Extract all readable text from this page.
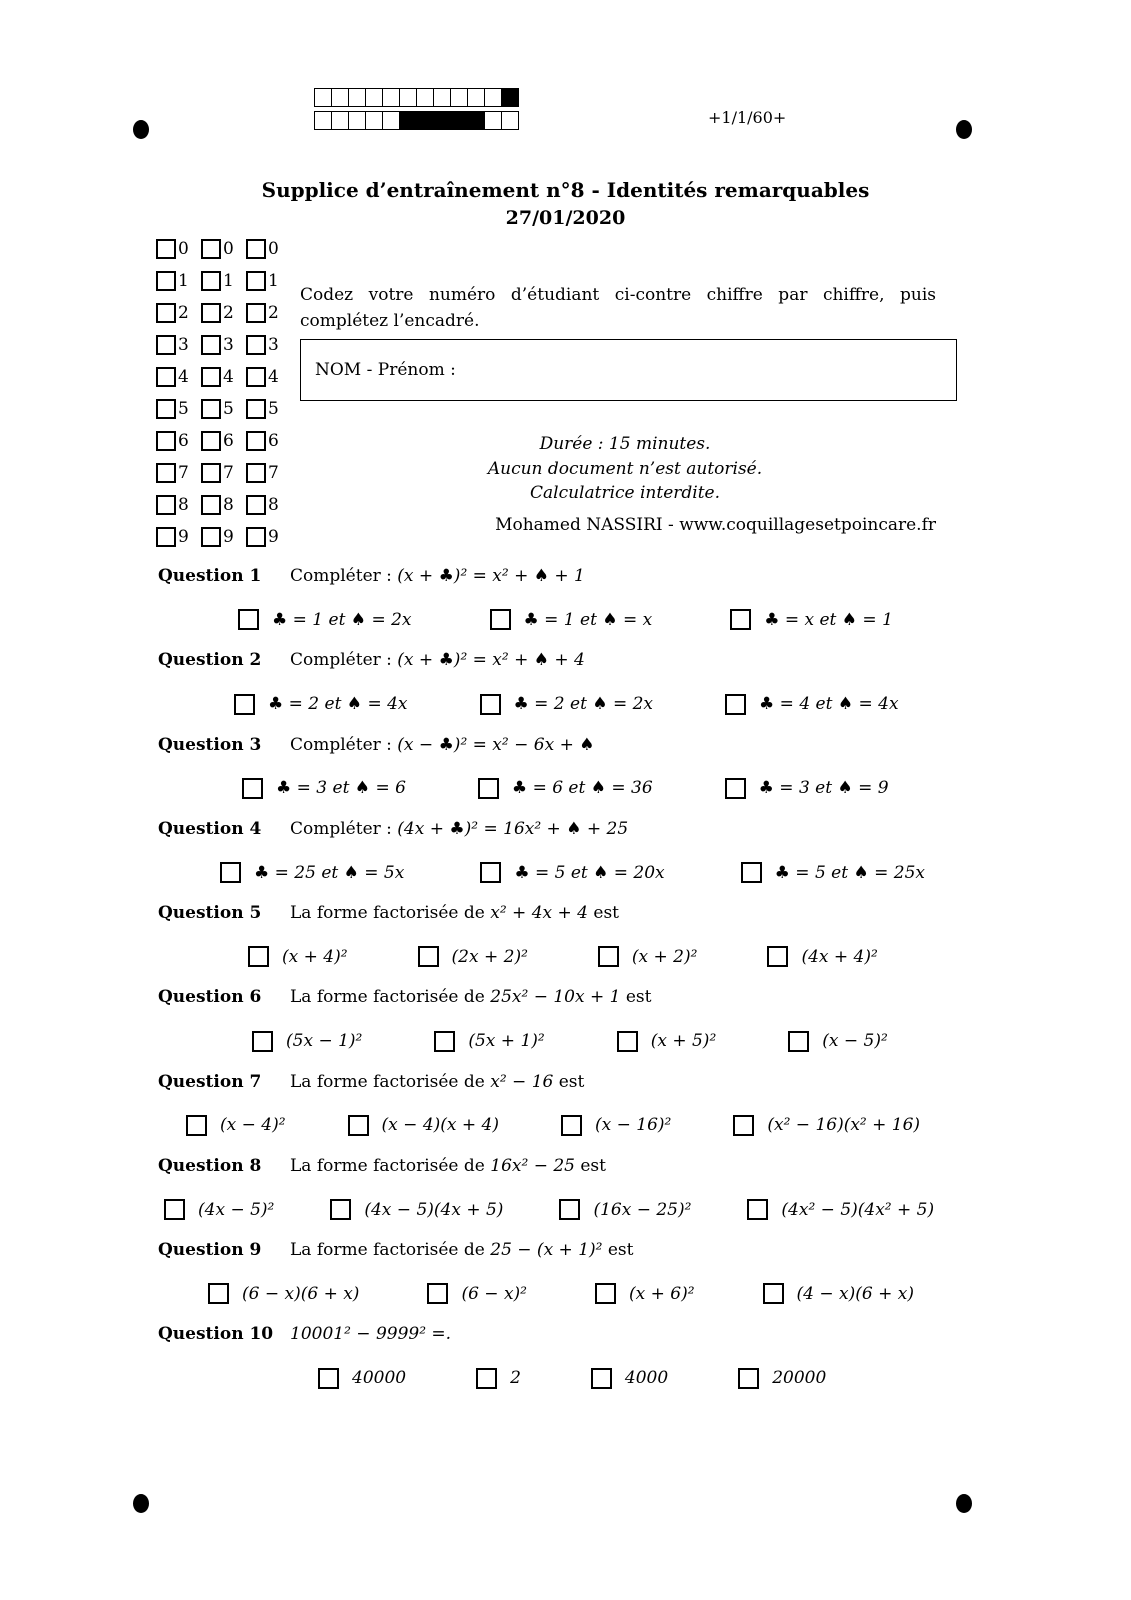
+1/1/60+
Supplice d’entraînement n°8 - Identités remarquables
27/01/2020
0 0 0
1 1 1
2 2 2
3 3 3
4 4 4
5 5 5
6 6 6
7 7 7
8 8 8
9 9 9
Codez votre numéro d’étudiant ci-contre chiffre par chiffre, puis complétez l’encadré.
NOM - Prénom :
Durée : 15 minutes.
Aucun document n’est autorisé.
Calculatrice interdite.
Mohamed NASSIRI - www.coquillagesetpoincare.fr
Question 1	Compléter : (x + ♣)² = x² + ♠ + 1
♣ = 1 et ♠ = 2x	♣ = 1 et ♠ = x	♣ = x et ♠ = 1
Question 2	Compléter : (x + ♣)² = x² + ♠ + 4
♣ = 2 et ♠ = 4x	♣ = 2 et ♠ = 2x	♣ = 4 et ♠ = 4x
Question 3	Compléter : (x − ♣)² = x² − 6x + ♠
♣ = 3 et ♠ = 6	♣ = 6 et ♠ = 36	♣ = 3 et ♠ = 9
Question 4	Compléter : (4x + ♣)² = 16x² + ♠ + 25
♣ = 25 et ♠ = 5x	♣ = 5 et ♠ = 20x	♣ = 5 et ♠ = 25x
Question 5	La forme factorisée de x² + 4x + 4 est
(x + 4)²	(2x + 2)²	(x + 2)²	(4x + 4)²
Question 6	La forme factorisée de 25x² − 10x + 1 est
(5x − 1)²	(5x + 1)²	(x + 5)²	(x − 5)²
Question 7	La forme factorisée de x² − 16 est
(x − 4)²	(x − 4)(x + 4)	(x − 16)²	(x² − 16)(x² + 16)
Question 8	La forme factorisée de 16x² − 25 est
(4x − 5)²	(4x − 5)(4x + 5)	(16x − 25)²	(4x² − 5)(4x² + 5)
Question 9	La forme factorisée de 25 − (x + 1)² est
(6 − x)(6 + x)	(6 − x)²	(x + 6)²	(4 − x)(6 + x)
Question 10 10001² − 9999² =.
40000	2	4000	20000
